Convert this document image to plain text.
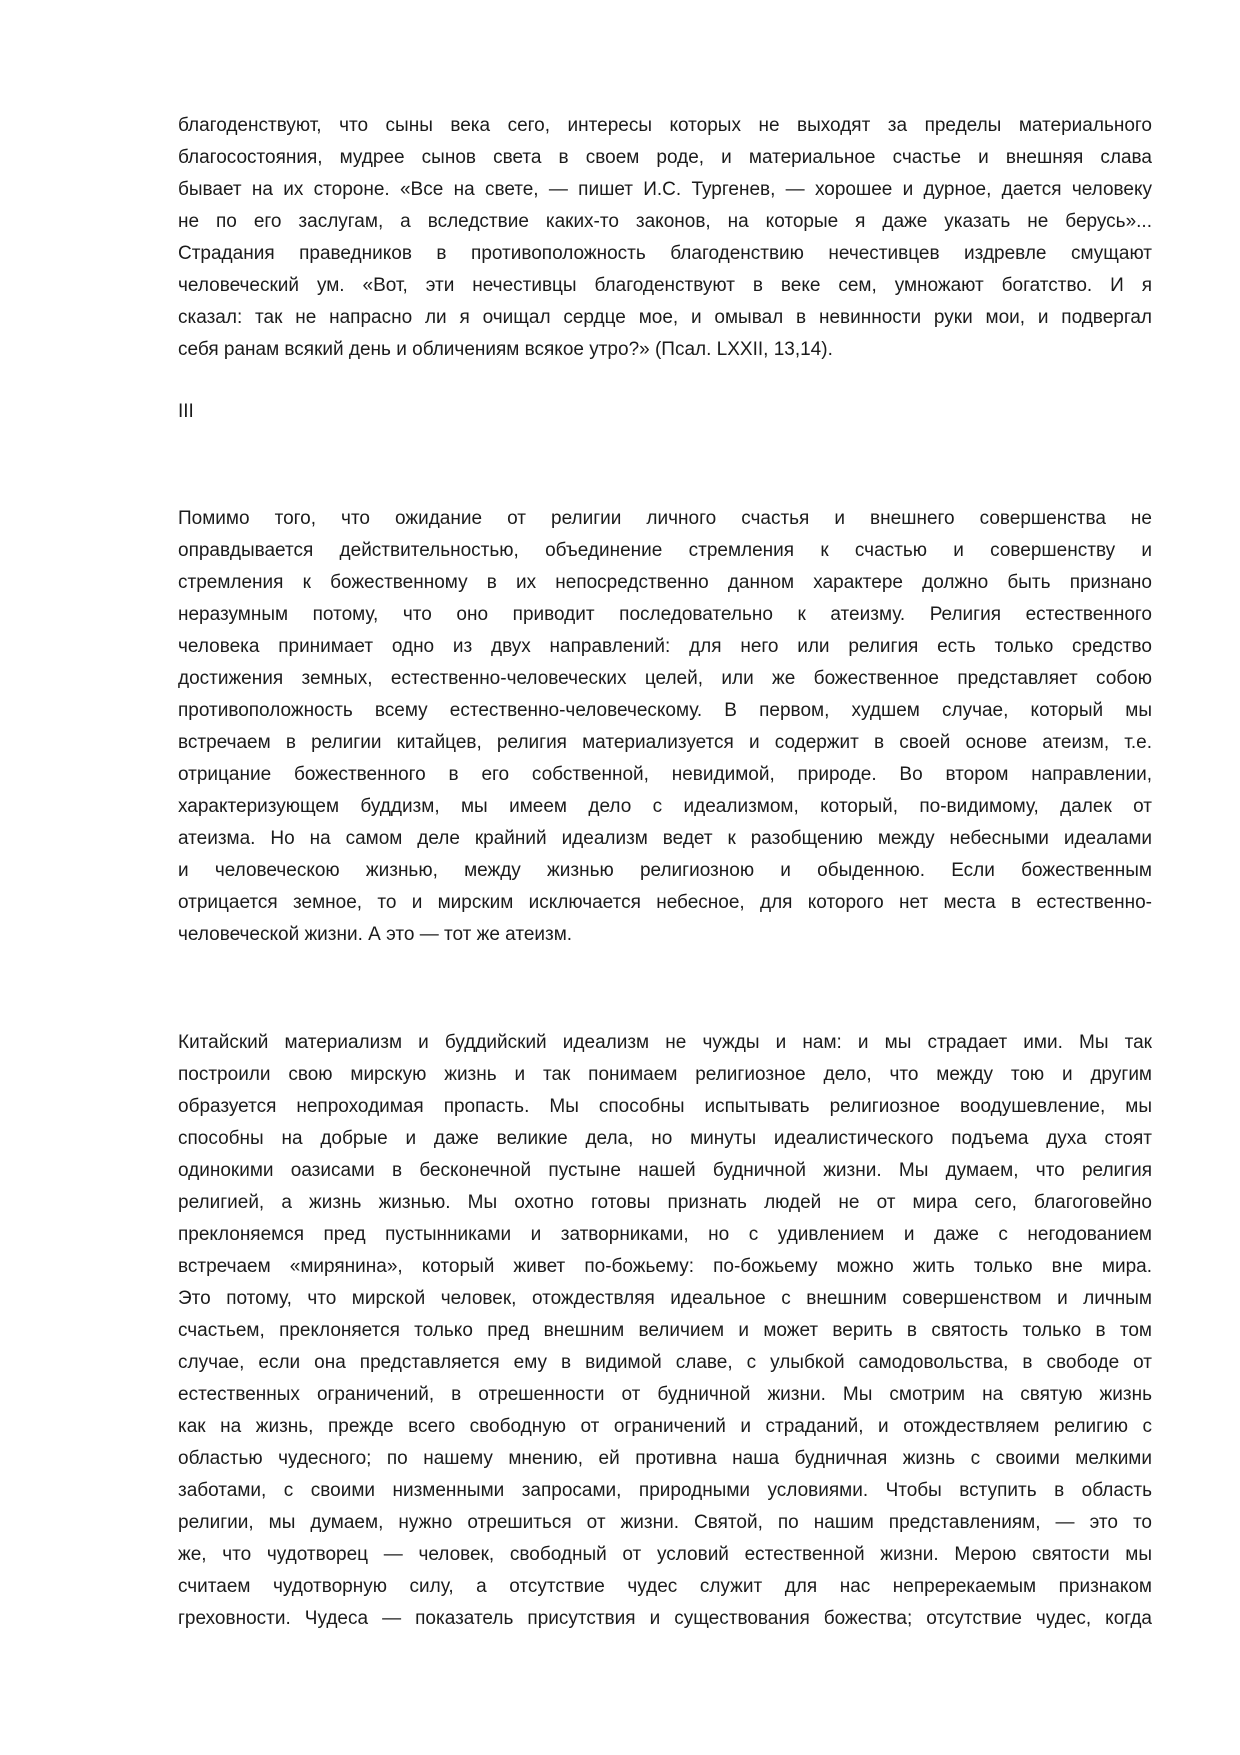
благоденствуют, что сыны века сего, интересы которых не выходят за пределы материального
благосостояния, мудрее сынов света в своем роде, и материальное счастье и внешняя слава
бывает на их стороне. «Все на свете, — пишет И.С. Тургенев, — хорошее и дурное, дается человеку
не по его заслугам, а вследствие каких-то законов, на которые я даже указать не берусь»...
Страдания праведников в противоположность благоденствию нечестивцев издревле смущают
человеческий ум. «Вот, эти нечестивцы благоденствуют в веке сем, умножают богатство. И я
сказал: так не напрасно ли я очищал сердце мое, и омывал в невинности руки мои, и подвергал
себя ранам всякий день и обличениям всякое утро?» (Псал. LXXII, 13,14).
III
Помимо того, что ожидание от религии личного счастья и внешнего совершенства не
оправдывается действительностью, объединение стремления к счастью и совершенству и
стремления к божественному в их непосредственно данном характере должно быть признано
неразумным потому, что оно приводит последовательно к атеизму. Религия естественного
человека принимает одно из двух направлений: для него или религия есть только средство
достижения земных, естественно-человеческих целей, или же божественное представляет собою
противоположность всему естественно-человеческому. В первом, худшем случае, который мы
встречаем в религии китайцев, религия материализуется и содержит в своей основе атеизм, т.е.
отрицание божественного в его собственной, невидимой, природе. Во втором направлении,
характеризующем буддизм, мы имеем дело с идеализмом, который, по-видимому, далек от
атеизма. Но на самом деле крайний идеализм ведет к разобщению между небесными идеалами
и человеческою жизнью, между жизнью религиозною и обыденною. Если божественным
отрицается земное, то и мирским исключается небесное, для которого нет места в естественно-
человеческой жизни. А это — тот же атеизм.
Китайский материализм и буддийский идеализм не чужды и нам: и мы страдает ими. Мы так
построили свою мирскую жизнь и так понимаем религиозное дело, что между тою и другим
образуется непроходимая пропасть. Мы способны испытывать религиозное воодушевление, мы
способны на добрые и даже великие дела, но минуты идеалистического подъема духа стоят
одинокими оазисами в бесконечной пустыне нашей будничной жизни. Мы думаем, что религия
религией, а жизнь жизнью. Мы охотно готовы признать людей не от мира сего, благоговейно
преклоняемся пред пустынниками и затворниками, но с удивлением и даже с негодованием
встречаем «мирянина», который живет по-божьему: по-божьему можно жить только вне мира.
Это потому, что мирской человек, отождествляя идеальное с внешним совершенством и личным
счастьем, преклоняется только пред внешним величием и может верить в святость только в том
случае, если она представляется ему в видимой славе, с улыбкой самодовольства, в свободе от
естественных ограничений, в отрешенности от будничной жизни. Мы смотрим на святую жизнь
как на жизнь, прежде всего свободную от ограничений и страданий, и отождествляем религию с
областью чудесного; по нашему мнению, ей противна наша будничная жизнь с своими мелкими
заботами, с своими низменными запросами, природными условиями. Чтобы вступить в область
религии, мы думаем, нужно отрешиться от жизни. Святой, по нашим представлениям, — это то
же, что чудотворец — человек, свободный от условий естественной жизни. Мерою святости мы
считаем чудотворную силу, а отсутствие чудес служит для нас непререкаемым признаком
греховности. Чудеса — показатель присутствия и существования божества; отсутствие чудес, когда
